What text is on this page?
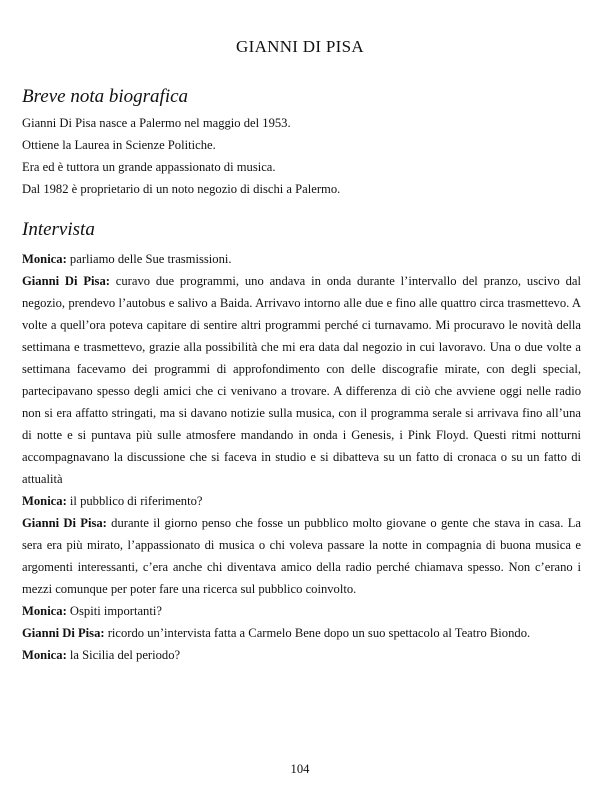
GIANNI DI PISA
Breve nota biografica
Gianni Di Pisa nasce a Palermo nel maggio del 1953.
Ottiene la Laurea in Scienze Politiche.
Era ed è tuttora un grande appassionato di musica.
Dal 1982 è proprietario di un noto negozio di dischi a Palermo.
Intervista
Monica: parliamo delle Sue trasmissioni.
Gianni Di Pisa: curavo due programmi, uno andava in onda durante l’intervallo del pranzo, uscivo dal negozio, prendevo l’autobus e salivo a Baida. Arrivavo intorno alle due e fino alle quattro circa trasmettevo. A volte a quell’ora poteva capitare di sentire altri programmi perché ci turnavamo. Mi procuravo le novità della settimana e trasmettevo, grazie alla possibilità che mi era data dal negozio in cui lavoravo. Una o due volte a settimana facevamo dei programmi di approfondimento con delle discografie mirate, con degli special, partecipavano spesso degli amici che ci venivano a trovare. A differenza di ciò che avviene oggi nelle radio non si era affatto stringati, ma si davano notizie sulla musica, con il programma serale si arrivava fino all’una di notte e si puntava più sulle atmosfere mandando in onda i Genesis, i Pink Floyd. Questi ritmi notturni accompagnavano la discussione che si faceva in studio e si dibatteva su un fatto di cronaca o su un fatto di attualità
Monica: il pubblico di riferimento?
Gianni Di Pisa: durante il giorno penso che fosse un pubblico molto giovane o gente che stava in casa. La sera era più mirato, l’appassionato di musica o chi voleva passare la notte in compagnia di buona musica e argomenti interessanti, c’era anche chi diventava amico della radio perché chiamava spesso. Non c’erano i mezzi comunque per poter fare una ricerca sul pubblico coinvolto.
Monica: Ospiti importanti?
Gianni Di Pisa: ricordo un’intervista fatta a Carmelo Bene dopo un suo spettacolo al Teatro Biondo.
Monica: la Sicilia del periodo?
104
